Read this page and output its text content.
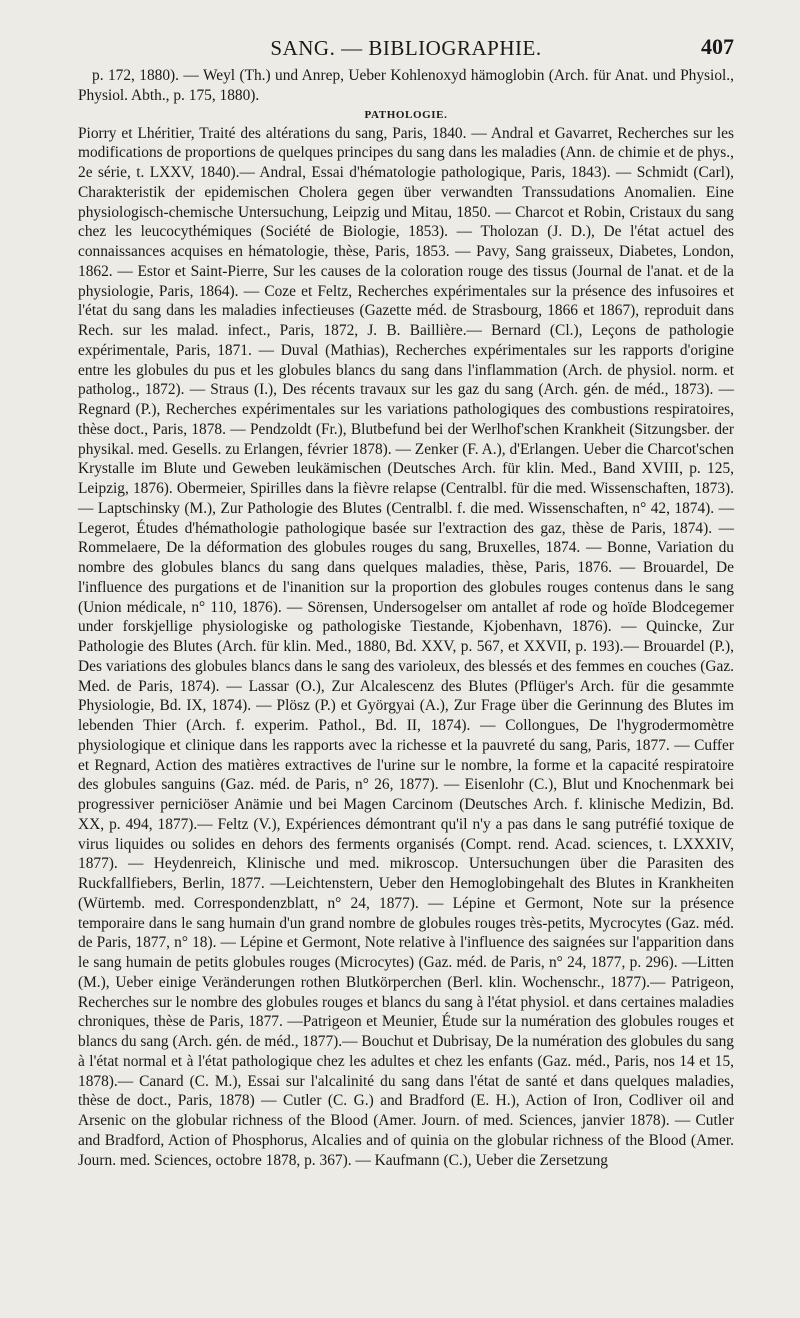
SANG. — BIBLIOGRAPHIE.	407

p. 172, 1880). — Weyl (Th.) und Anrep, Ueber Kohlenoxyd hämoglobin (Arch. für Anat. und Physiol., Physiol. Abth., p. 175, 1880).

PATHOLOGIE.

Piorry et Lhéritier, Traité des altérations du sang, Paris, 1840. — Andral et Gavarret, Recherches sur les modifications de proportions de quelques principes du sang dans les maladies (Ann. de chimie et de phys., 2e série, t. LXXV, 1840).— Andral, Essai d'hématologie pathologique, Paris, 1843). — Schmidt (Carl), Charakteristik der epidemischen Cholera gegen über verwandten Transsudations Anomalien. Eine physiologisch-chemische Untersuchung, Leipzig und Mitau, 1850. — Charcot et Robin, Cristaux du sang chez les leucocythémiques (Société de Biologie, 1853). — Tholozan (J. D.), De l'état actuel des connaissances acquises en hématologie, thèse, Paris, 1853. — Pavy, Sang graisseux, Diabetes, London, 1862. — Estor et Saint-Pierre, Sur les causes de la coloration rouge des tissus (Journal de l'anat. et de la physiologie, Paris, 1864). — Coze et Feltz, Recherches expérimentales sur la présence des infusoires et l'état du sang dans les maladies infectieuses (Gazette méd. de Strasbourg, 1866 et 1867), reproduit dans Rech. sur les malad. infect., Paris, 1872, J. B. Baillière.— Bernard (Cl.), Leçons de pathologie expérimentale, Paris, 1871. — Duval (Mathias), Recherches expérimentales sur les rapports d'origine entre les globules du pus et les globules blancs du sang dans l'inflammation (Arch. de physiol. norm. et patholog., 1872). — Straus (I.), Des récents travaux sur les gaz du sang (Arch. gén. de méd., 1873). — Regnard (P.), Recherches expérimentales sur les variations pathologiques des combustions respiratoires, thèse doct., Paris, 1878. — Pendzoldt (Fr.), Blutbefund bei der Werlhof'schen Krankheit (Sitzungsber. der physikal. med. Gesells. zu Erlangen, février 1878). — Zenker (F. A.), d'Erlangen. Ueber die Charcot'schen Krystalle im Blute und Geweben leukämischen (Deutsches Arch. für klin. Med., Band XVIII, p. 125, Leipzig, 1876). Obermeier, Spirilles dans la fièvre relapse (Centralbl. für die med. Wissenschaften, 1873). — Laptschinsky (M.), Zur Pathologie des Blutes (Centralbl. f. die med. Wissenschaften, n° 42, 1874). — Legerot, Études d'hémathologie pathologique basée sur l'extraction des gaz, thèse de Paris, 1874). — Rommelaere, De la déformation des globules rouges du sang, Bruxelles, 1874. — Bonne, Variation du nombre des globules blancs du sang dans quelques maladies, thèse, Paris, 1876. — Brouardel, De l'influence des purgations et de l'inanition sur la proportion des globules rouges contenus dans le sang (Union médicale, n° 110, 1876). — Sörensen, Undersogelser om antallet af rode og hoïde Blodcegemer under forskjellige physiologiske og pathologiske Tiestande, Kjobenhavn, 1876). — Quincke, Zur Pathologie des Blutes (Arch. für klin. Med., 1880, Bd. XXV, p. 567, et XXVII, p. 193).— Brouardel (P.), Des variations des globules blancs dans le sang des varioleux, des blessés et des femmes en couches (Gaz. Med. de Paris, 1874). — Lassar (O.), Zur Alcalescenz des Blutes (Pflüger's Arch. für die gesammte Physiologie, Bd. IX, 1874). — Plösz (P.) et Györgyai (A.), Zur Frage über die Gerinnung des Blutes im lebenden Thier (Arch. f. experim. Pathol., Bd. II, 1874). — Collongues, De l'hygrodermomètre physiologique et clinique dans les rapports avec la richesse et la pauvreté du sang, Paris, 1877. — Cuffer et Regnard, Action des matières extractives de l'urine sur le nombre, la forme et la capacité respiratoire des globules sanguins (Gaz. méd. de Paris, n° 26, 1877). — Eisenlohr (C.), Blut und Knochenmark bei progressiver perniciöser Anämie und bei Magen Carcinom (Deutsches Arch. f. klinische Medizin, Bd. XX, p. 494, 1877).— Feltz (V.), Expériences démontrant qu'il n'y a pas dans le sang putréfié toxique de virus liquides ou solides en dehors des ferments organisés (Compt. rend. Acad. sciences, t. LXXXIV, 1877). — Heydenreich, Klinische und med. mikroscop. Untersuchungen über die Parasiten des Ruckfallfiebers, Berlin, 1877. —Leichtenstern, Ueber den Hemoglobingehalt des Blutes in Krankheiten (Würtemb. med. Correspondenzblatt, n° 24, 1877). — Lépine et Germont, Note sur la présence temporaire dans le sang humain d'un grand nombre de globules rouges très-petits, Mycrocytes (Gaz. méd. de Paris, 1877, n° 18). — Lépine et Germont, Note relative à l'influence des saignées sur l'apparition dans le sang humain de petits globules rouges (Microcytes) (Gaz. méd. de Paris, n° 24, 1877, p. 296). —Litten (M.), Ueber einige Veränderungen rothen Blutkörperchen (Berl. klin. Wochenschr., 1877).— Patrigeon, Recherches sur le nombre des globules rouges et blancs du sang à l'état physiol. et dans certaines maladies chroniques, thèse de Paris, 1877. —Patrigeon et Meunier, Étude sur la numération des globules rouges et blancs du sang (Arch. gén. de méd., 1877).— Bouchut et Dubrisay, De la numération des globules du sang à l'état normal et à l'état pathologique chez les adultes et chez les enfants (Gaz. méd., Paris, nos 14 et 15, 1878).— Canard (C. M.), Essai sur l'alcalinité du sang dans l'état de santé et dans quelques maladies, thèse de doct., Paris, 1878) — Cutler (C. G.) and Bradford (E. H.), Action of Iron, Codliver oil and Arsenic on the globular richness of the Blood (Amer. Journ. of med. Sciences, janvier 1878). — Cutler and Bradford, Action of Phosphorus, Alcalies and of quinia on the globular richness of the Blood (Amer. Journ. med. Sciences, octobre 1878, p. 367). — Kaufmann (C.), Ueber die Zersetzung
